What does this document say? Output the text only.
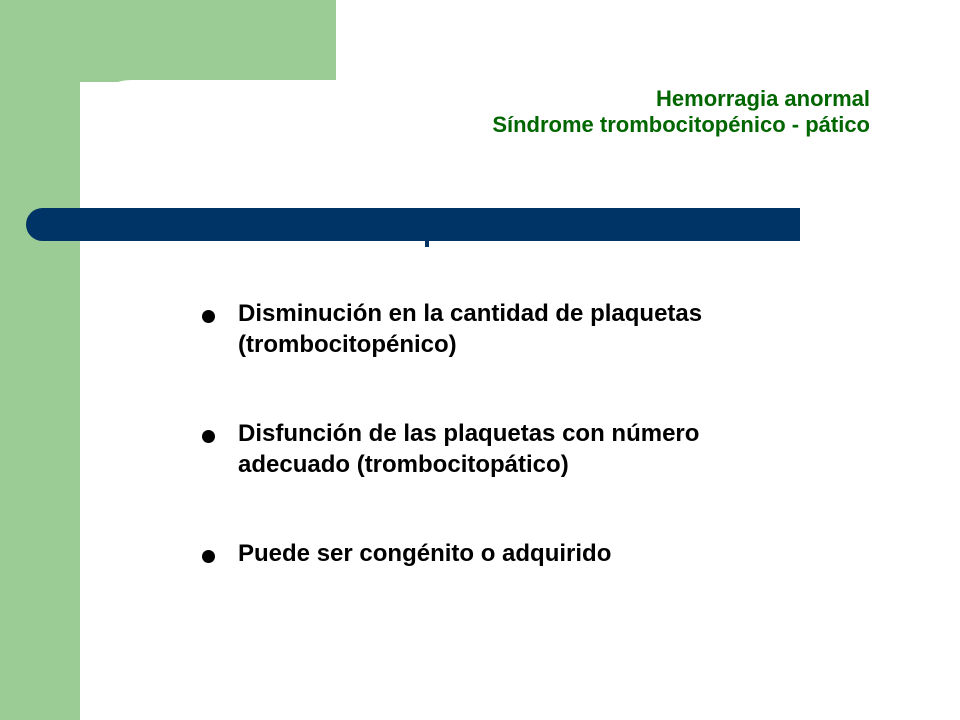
Hemorragia anormal
Síndrome trombocitopénico - pático
Disminución en la cantidad de plaquetas
(trombocitopénico)
Disfunción de las plaquetas con número
adecuado (trombocitopático)
Puede ser congénito o adquirido
